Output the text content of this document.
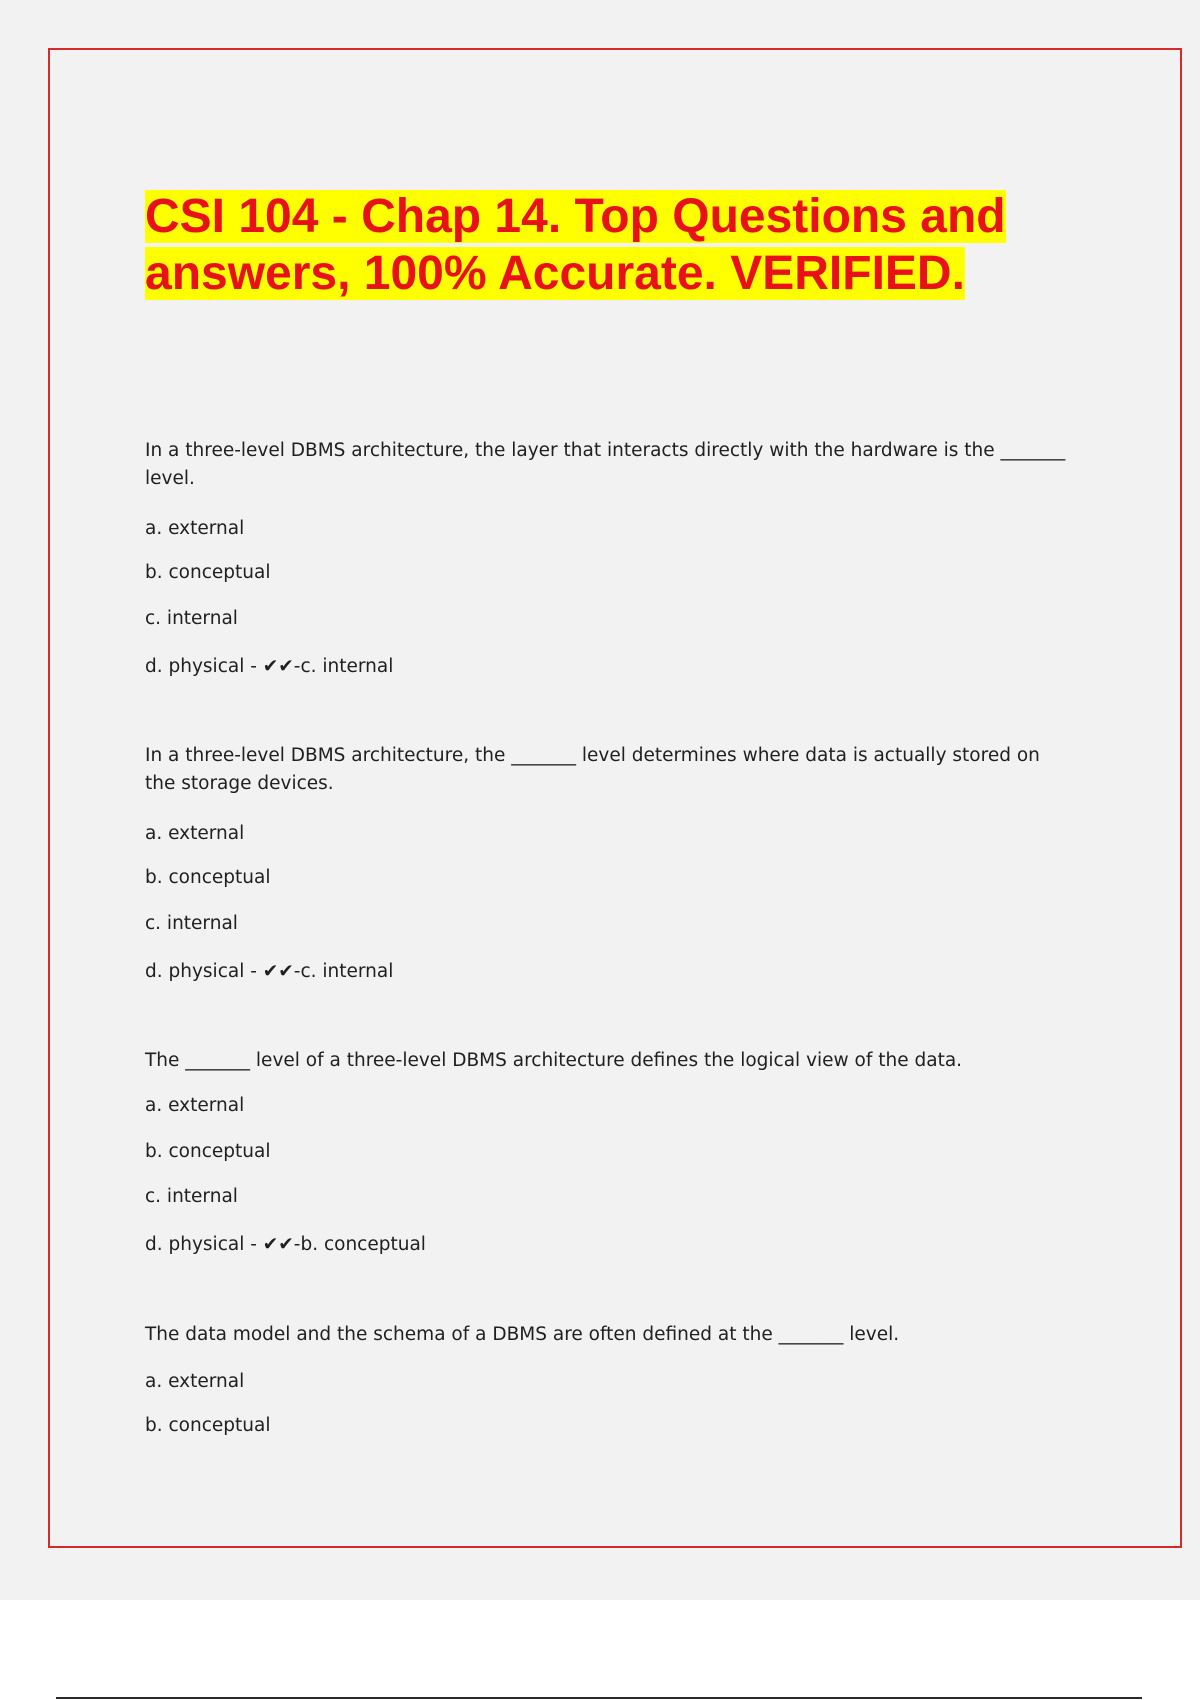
CSI 104 - Chap 14. Top Questions and
answers, 100% Accurate. VERIFIED.

In a three-level DBMS architecture, the layer that interacts directly with the hardware is the _______ level.

a. external

b. conceptual

c. internal

d. physical - ✔✔-c. internal

In a three-level DBMS architecture, the _______ level determines where data is actually stored on the storage devices.

a. external

b. conceptual

c. internal

d. physical - ✔✔-c. internal

The _______ level of a three-level DBMS architecture defines the logical view of the data.

a. external

b. conceptual

c. internal

d. physical - ✔✔-b. conceptual

The data model and the schema of a DBMS are often defined at the _______ level.

a. external

b. conceptual
